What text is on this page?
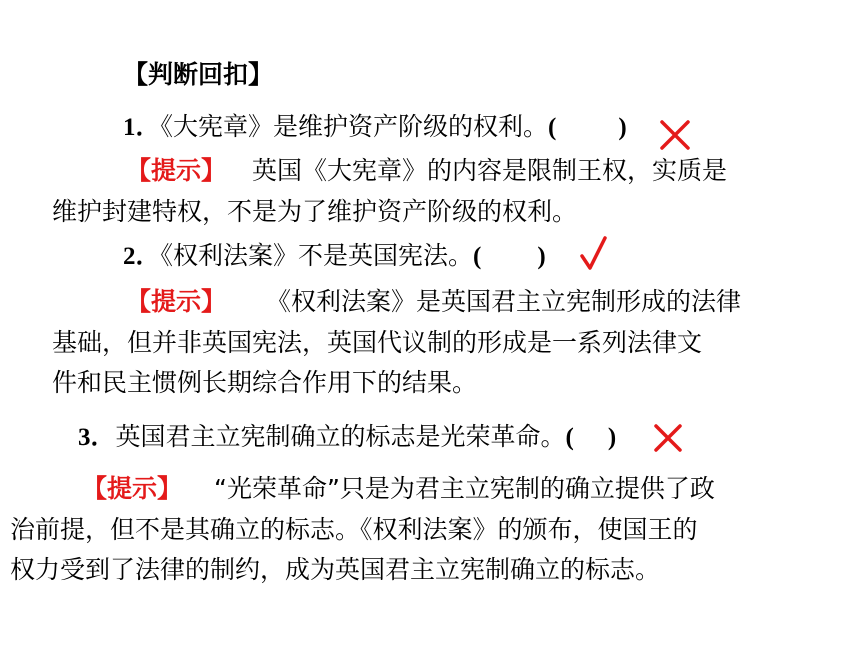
【判断回扣】
1．《大宪章》是维护资产阶级的权利。( )
【提示】 英国《大宪章》的内容是限制王权，实质是
维护封建特权，不是为了维护资产阶级的权利。
2．《权利法案》不是英国宪法。( )
【提示】 《权利法案》是英国君主立宪制形成的法律
基础，但并非英国宪法，英国代议制的形成是一系列法律文
件和民主惯例长期综合作用下的结果。
3．英国君主立宪制确立的标志是光荣革命。( )
【提示】 “光荣革命”只是为君主立宪制的确立提供了政
治前提，但不是其确立的标志。《权利法案》的颁布，使国王的
权力受到了法律的制约，成为英国君主立宪制确立的标志。
